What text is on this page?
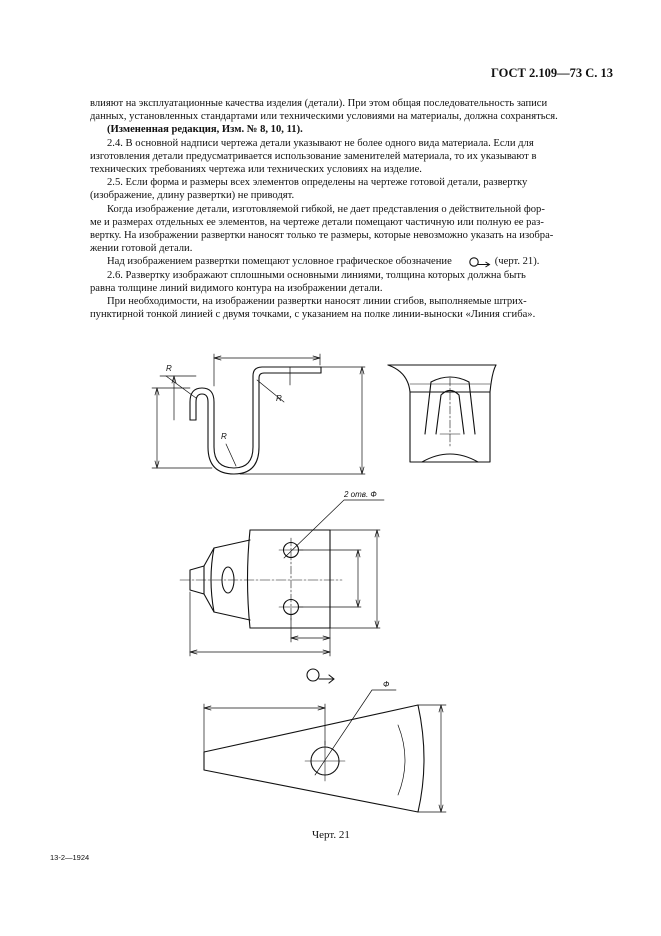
ГОСТ 2.109—73 С. 13

влияют на эксплуатационные качества изделия (детали). При этом общая последовательность записи

данных, установленных стандартами или техническими условиями на материалы, должна сохраняться.

(Измененная редакция, Изм. № 8, 10, 11).

2.4. В основной надписи чертежа детали указывают не более одного вида материала. Если для

изготовления детали предусматривается использование заменителей материала, то их указывают в

технических требованиях чертежа или технических условиях на изделие.

2.5. Если форма и размеры всех элементов определены на чертеже готовой детали, развертку

(изображение, длину развертки) не приводят.

Когда изображение детали, изготовляемой гибкой, не дает представления о действительной фор-

ме и размерах отдельных ее элементов, на чертеже детали помещают частичную или полную ее раз-

вертку. На изображении развертки наносят только те размеры, которые невозможно указать на изобра-

жении готовой детали.

Над изображением развертки помещают условное графическое обозначение	(черт. 21).

2.6. Развертку изображают сплошными основными линиями, толщина которых должна быть

равна толщине линий видимого контура на изображении детали.

При необходимости, на изображении развертки наносят линии сгибов, выполняемые штрих-

пунктирной тонкой линией с двумя точками, с указанием на полке линии-выноски «Линия сгиба».

R
R
R
2 отв. Ф
Ф
Черт. 21
13-2—1924
